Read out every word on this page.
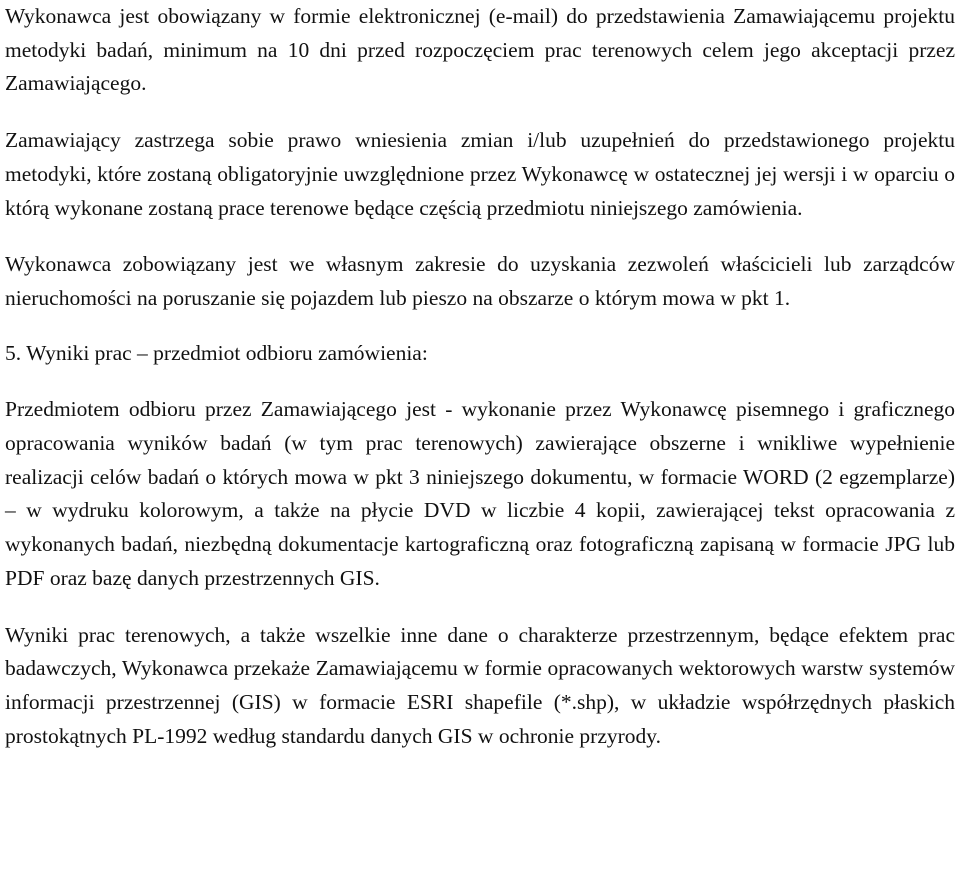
Wykonawca jest obowiązany w formie elektronicznej (e-mail) do przedstawienia Zamawiającemu projektu metodyki badań, minimum na 10 dni przed rozpoczęciem prac terenowych celem jego akceptacji przez Zamawiającego.

Zamawiający zastrzega sobie prawo wniesienia zmian i/lub uzupełnień do przedstawionego projektu metodyki, które zostaną obligatoryjnie uwzględnione przez Wykonawcę w ostatecznej jej wersji i w oparciu o którą wykonane zostaną prace terenowe będące częścią przedmiotu niniejszego zamówienia.

Wykonawca zobowiązany jest we własnym zakresie do uzyskania zezwoleń właścicieli lub zarządców nieruchomości na poruszanie się pojazdem lub pieszo na obszarze o którym mowa w pkt 1.

5. Wyniki prac – przedmiot odbioru zamówienia:

Przedmiotem odbioru przez Zamawiającego jest - wykonanie przez Wykonawcę pisemnego i graficznego opracowania wyników badań (w tym prac terenowych) zawierające obszerne i wnikliwe wypełnienie realizacji celów badań o których mowa w pkt 3 niniejszego dokumentu, w formacie WORD (2 egzemplarze) – w wydruku kolorowym, a także na płycie DVD w liczbie 4 kopii, zawierającej tekst opracowania z wykonanych badań, niezbędną dokumentacje kartograficzną oraz fotograficzną zapisaną w formacie JPG lub PDF oraz bazę danych przestrzennych GIS.

Wyniki prac terenowych, a także wszelkie inne dane o charakterze przestrzennym, będące efektem prac badawczych, Wykonawca przekaże Zamawiającemu w formie opracowanych wektorowych warstw systemów informacji przestrzennej (GIS) w formacie ESRI shapefile (*.shp), w układzie współrzędnych płaskich prostokątnych PL-1992 według standardu danych GIS w ochronie przyrody.
